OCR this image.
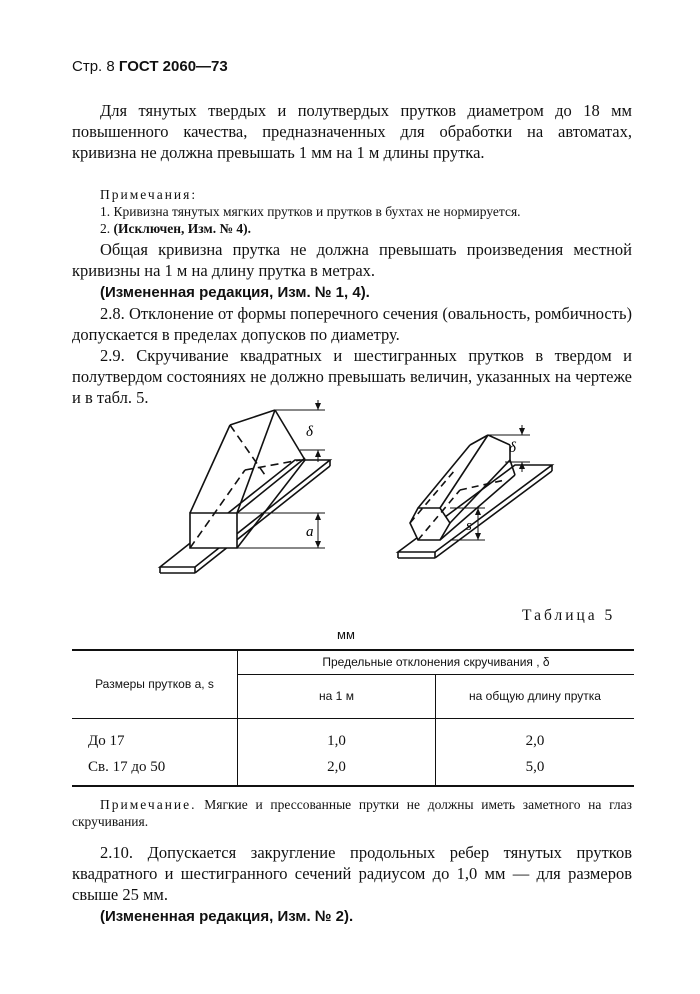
Стр. 8 ГОСТ 2060—73

Для тянутых твердых и полутвердых прутков диаметром до 18 мм повышенного качества, предназначенных для обработки на автоматах, кривизна не должна превышать 1 мм на 1 м длины прутка.

Примечания:

1. Кривизна тянутых мягких прутков и прутков в бухтах не нормируется.

2. (Исключен, Изм. № 4).

Общая кривизна прутка не должна превышать произведения местной кривизны на 1 м на длину прутка в метрах.

(Измененная редакция, Изм. № 1, 4).

2.8. Отклонение от формы поперечного сечения (овальность, ромбичность) допускается в пределах допусков по диаметру.

2.9. Скручивание квадратных и шестигранных прутков в твердом и полутвердом состояниях не должно превышать величин, указанных на чертеже и в табл. 5.

δ
a
δ
s
Таблица 5
мм
Размеры прутков a, s	Предельные отклонения скручивания , δ	
	на 1 м	на общую длину прутка
До 17	1,0	2,0
Св. 17 до 50	2,0	5,0

Примечание. Мягкие и прессованные прутки не должны иметь заметного на глаз скручивания.

2.10. Допускается закругление продольных ребер тянутых прутков квадратного и шестигранного сечений радиусом до 1,0 мм — для размеров свыше 25 мм.

(Измененная редакция, Изм. № 2).
